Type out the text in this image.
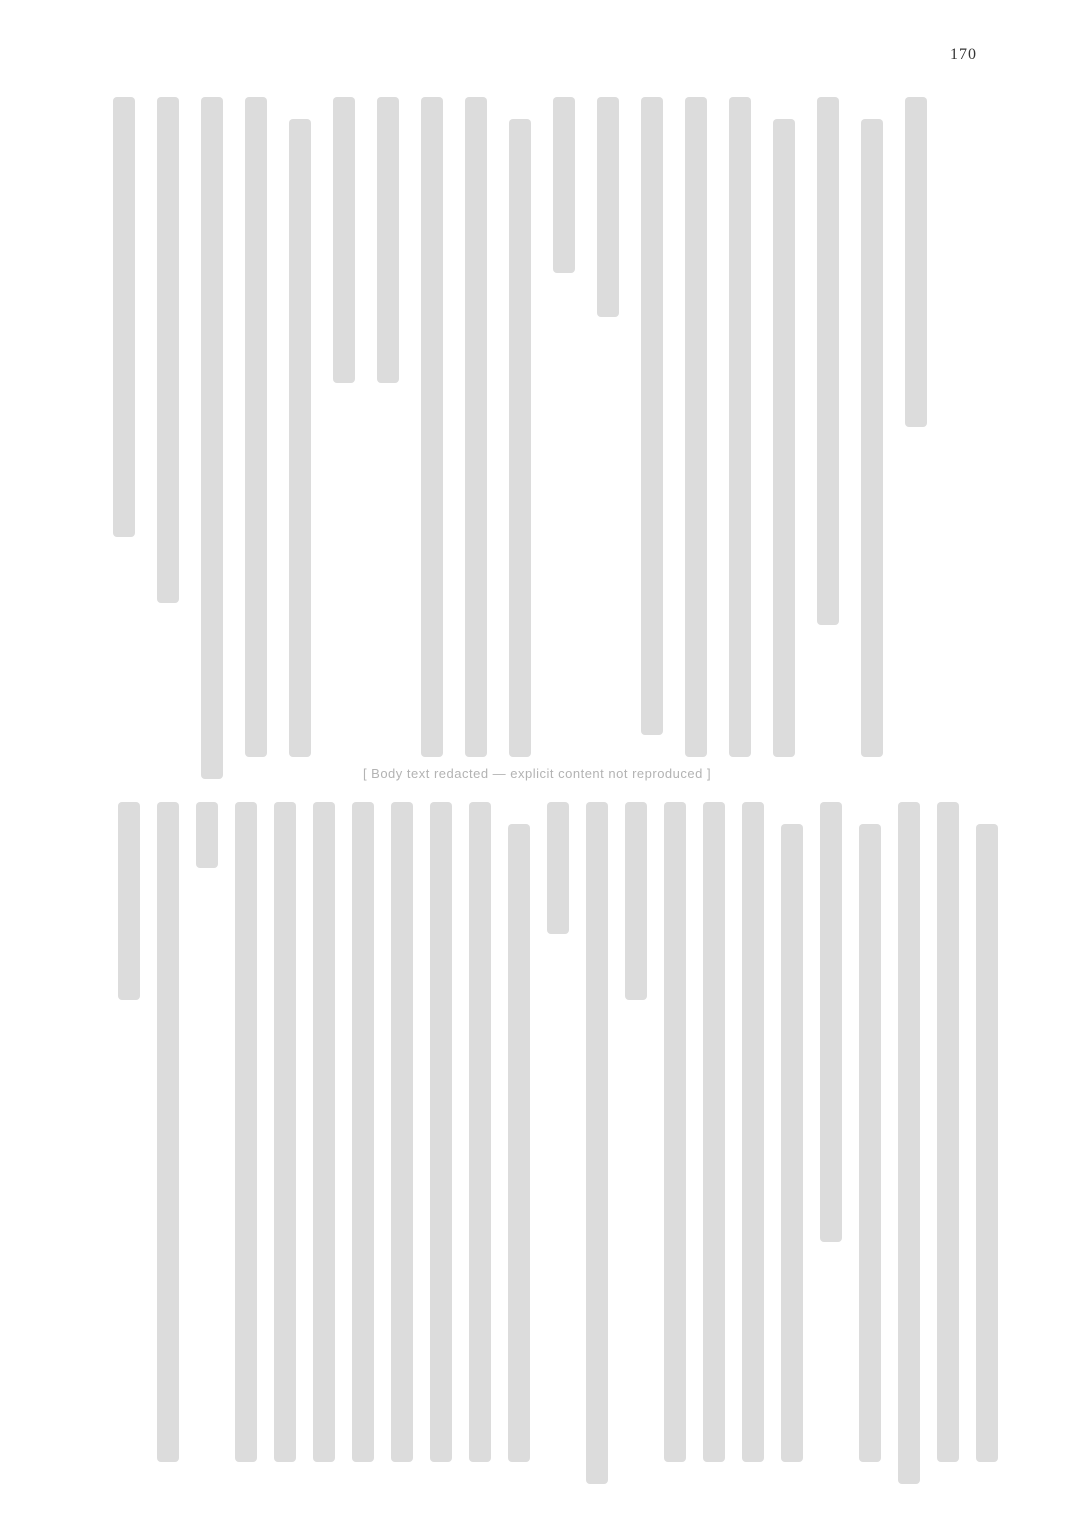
170
[ Body text redacted — explicit content not reproduced ]
